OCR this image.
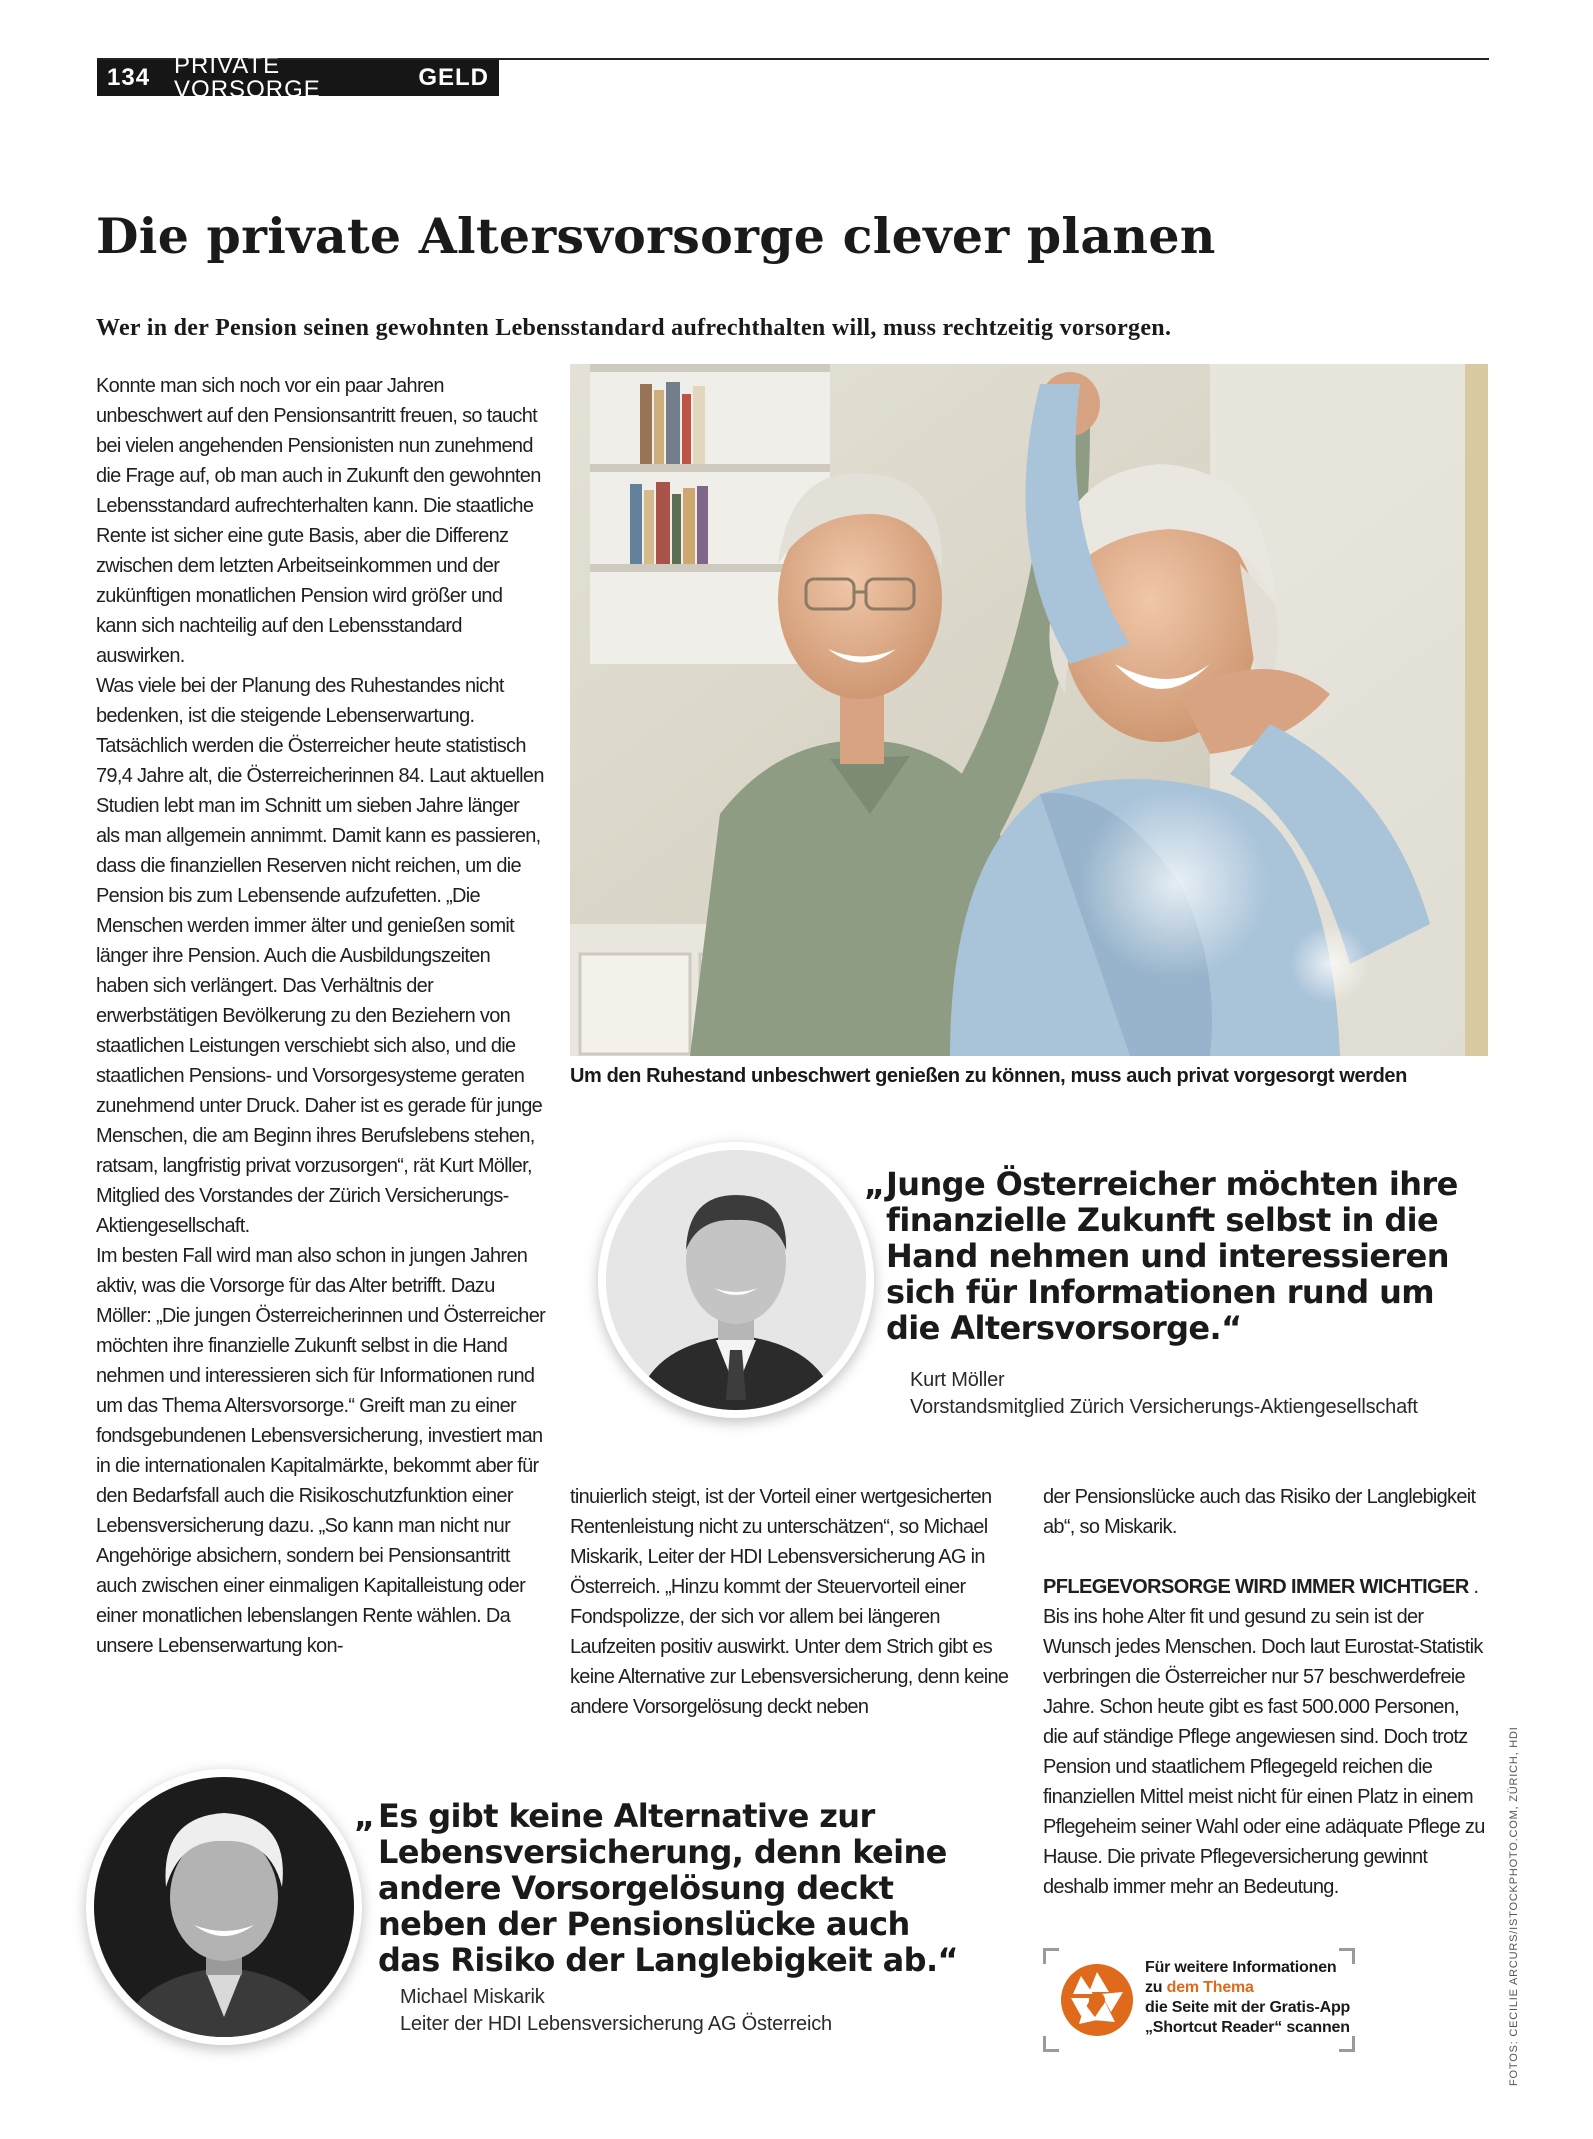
134 PRIVATE VORSORGE	GELD
Die private Altersvorsorge clever planen

Wer in der Pension seinen gewohnten Lebensstandard aufrechthalten will, muss rechtzeitig vorsorgen.

Konnte man sich noch vor ein paar Jahren unbeschwert auf den Pensionsantritt freuen, so taucht bei vielen angehenden Pensionisten nun zunehmend die Frage auf, ob man auch in Zukunft den gewohnten Lebensstandard aufrechterhalten kann. Die staatliche Rente ist sicher eine gute Basis, aber die Differenz zwischen dem letzten Arbeitseinkommen und der zukünftigen monatlichen Pension wird größer und kann sich nachteilig auf den Lebensstandard auswirken.

Was viele bei der Planung des Ruhestandes nicht bedenken, ist die steigende Lebenserwartung. Tatsächlich werden die Österreicher heute statistisch 79,4 Jahre alt, die Österreicherinnen 84. Laut aktuellen Studien lebt man im Schnitt um sieben Jahre länger als man allgemein annimmt. Damit kann es passieren, dass die finanziellen Reserven nicht reichen, um die Pension bis zum Lebensende aufzufetten. „Die Menschen werden immer älter und genießen somit länger ihre Pension. Auch die Ausbildungszeiten haben sich verlängert. Das Verhältnis der erwerbstätigen Bevölkerung zu den Beziehern von staatlichen Leistungen verschiebt sich also, und die staatlichen Pensions- und Vorsorgesysteme geraten zunehmend unter Druck. Daher ist es gerade für junge Menschen, die am Beginn ihres Berufslebens stehen, ratsam, langfristig privat vorzusorgen“, rät Kurt Möller, Mitglied des Vorstandes der Zürich Versicherungs-Aktiengesellschaft.

Im besten Fall wird man also schon in jungen Jahren aktiv, was die Vorsorge für das Alter betrifft. Dazu Möller: „Die jungen Österreicherinnen und Österreicher möchten ihre finanzielle Zukunft selbst in die Hand nehmen und interessieren sich für Informationen rund um das Thema Altersvorsorge.“ Greift man zu einer fondsgebundenen Lebensversicherung, investiert man in die internationalen Kapitalmärkte, bekommt aber für den Bedarfsfall auch die Risikoschutzfunktion einer Lebensversicherung dazu. „So kann man nicht nur Angehörige absichern, sondern bei Pensionsantritt auch zwischen einer einmaligen Kapitalleistung oder einer monatlichen lebenslangen Rente wählen. Da unsere Lebenserwartung kon-

Um den Ruhestand unbeschwert genießen zu können, muss auch privat vorgesorgt werden

„Junge Österreicher möchten ihre finanzielle Zukunft selbst in die Hand nehmen und interessieren sich für Informationen rund um die Altersvorsorge.“

Kurt Möller
Vorstandsmitglied Zürich Versicherungs-Aktiengesellschaft

tinuierlich steigt, ist der Vorteil einer wertgesicherten Rentenleistung nicht zu unterschätzen“, so Michael Miskarik, Leiter der HDI Lebensversicherung AG in Österreich. „Hinzu kommt der Steuervorteil einer Fondspolizze, der sich vor allem bei längeren Laufzeiten positiv auswirkt. Unter dem Strich gibt es keine Alternative zur Lebensversicherung, denn keine andere Vorsorgelösung deckt neben

der Pensionslücke auch das Risiko der Langlebigkeit ab“, so Miskarik.

PFLEGEVORSORGE WIRD IMMER WICHTIGER .

Bis ins hohe Alter fit und gesund zu sein ist der Wunsch jedes Menschen. Doch laut Eurostat-Statistik verbringen die Österreicher nur 57 beschwerdefreie Jahre. Schon heute gibt es fast 500.000 Personen, die auf ständige Pflege angewiesen sind. Doch trotz Pension und staatlichem Pflegegeld reichen die finanziellen Mittel meist nicht für einen Platz in einem Pflegeheim seiner Wahl oder eine adäquate Pflege zu Hause. Die private Pflegeversicherung gewinnt deshalb immer mehr an Bedeutung.

„ Es gibt keine Alternative zur Lebensversicherung, denn keine andere Vorsorgelösung deckt neben der Pensionslücke auch das Risiko der Langlebigkeit ab.“

Michael Miskarik
Leiter der HDI Lebensversicherung AG Österreich
Für weitere Informationen
zu dem Thema
die Seite mit der Gratis-App
„Shortcut Reader“ scannen	FOTOS: CECILIE ARCURS/ISTOCKPHOTO.COM, ZÜRICH, HDI
